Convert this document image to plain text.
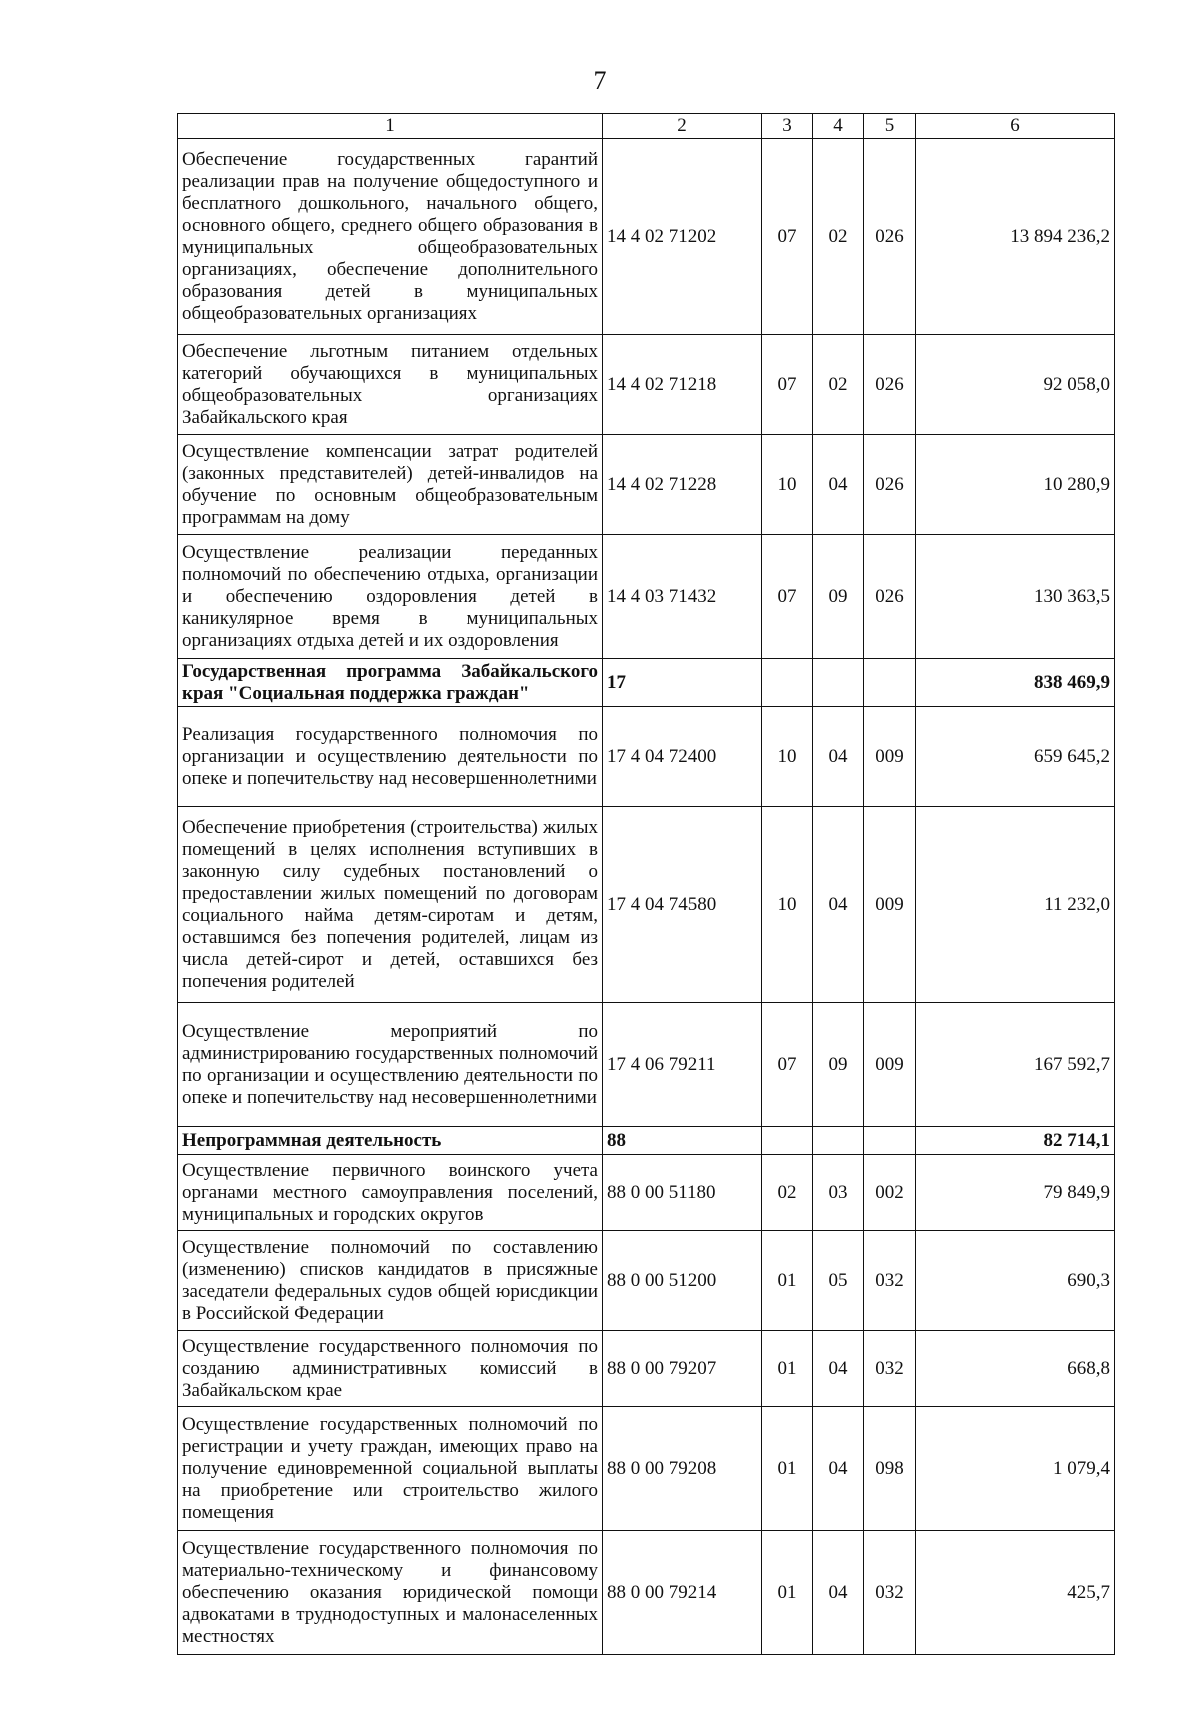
7
1	2	3	4	5	6
Обеспечение государственных гарантий реализации прав на получение общедоступного и бесплатного дошкольного, начального общего, основного общего, среднего общего образования в муниципальных общеобразовательных организациях, обеспечение дополнительного образования детей в муниципальных общеобразовательных организациях	14 4 02 71202	07	02	026	13 894 236,2
Обеспечение льготным питанием отдельных категорий обучающихся в муниципальных общеобразовательных организациях Забайкальского края	14 4 02 71218	07	02	026	92 058,0
Осуществление компенсации затрат родителей (законных представителей) детей-инвалидов на обучение по основным общеобразовательным программам на дому	14 4 02 71228	10	04	026	10 280,9
Осуществление реализации переданных полномочий по обеспечению отдыха, организации и обеспечению оздоровления детей в каникулярное время в муниципальных организациях отдыха детей и их оздоровления	14 4 03 71432	07	09	026	130 363,5
Государственная программа Забайкальского края "Социальная поддержка граждан"	17				838 469,9
Реализация государственного полномочия по организации и осуществлению деятельности по опеке и попечительству над несовершеннолетними	17 4 04 72400	10	04	009	659 645,2
Обеспечение приобретения (строительства) жилых помещений в целях исполнения вступивших в законную силу судебных постановлений о предоставлении жилых помещений по договорам социального найма детям-сиротам и детям, оставшимся без попечения родителей, лицам из числа детей-сирот и детей, оставшихся без попечения родителей	17 4 04 74580	10	04	009	11 232,0
Осуществление мероприятий по администрированию государственных полномочий по организации и осуществлению деятельности по опеке и попечительству над несовершеннолетними	17 4 06 79211	07	09	009	167 592,7
Непрограммная деятельность	88				82 714,1
Осуществление первичного воинского учета органами местного самоуправления поселений, муниципальных и городских округов	88 0 00 51180	02	03	002	79 849,9
Осуществление полномочий по составлению (изменению) списков кандидатов в присяжные заседатели федеральных судов общей юрисдикции в Российской Федерации	88 0 00 51200	01	05	032	690,3
Осуществление государственного полномочия по созданию административных комиссий в Забайкальском крае	88 0 00 79207	01	04	032	668,8
Осуществление государственных полномочий по регистрации и учету граждан, имеющих право на получение единовременной социальной выплаты на приобретение или строительство жилого помещения	88 0 00 79208	01	04	098	1 079,4
Осуществление государственного полномочия по материально-техническому и финансовому обеспечению оказания юридической помощи адвокатами в труднодоступных и малонаселенных местностях	88 0 00 79214	01	04	032	425,7
